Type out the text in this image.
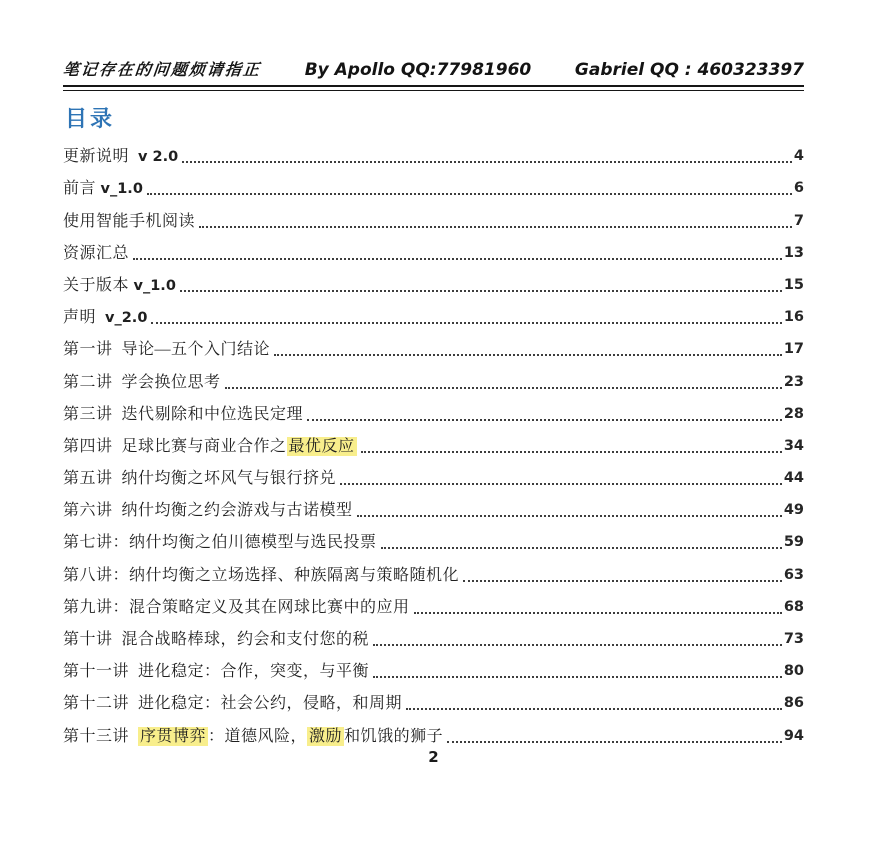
笔记存在的问题烦请指正	By Apollo QQ:77981960	Gabriel QQ : 460323397
目录
更新说明  v 2.0	4
前言 v_1.0	6
使用智能手机阅读	7
资源汇总	13
关于版本 v_1.0	15
声明  v_2.0	16
第一讲  导论—五个入门结论	17
第二讲  学会换位思考	23
第三讲  迭代剔除和中位选民定理	28
第四讲  足球比赛与商业合作之 最优反应	34
第五讲  纳什均衡之坏风气与银行挤兑	44
第六讲  纳什均衡之约会游戏与古诺模型	49
第七讲：纳什均衡之伯川德模型与选民投票	59
第八讲：纳什均衡之立场选择、种族隔离与策略随机化	63
第九讲：混合策略定义及其在网球比赛中的应用	68
第十讲  混合战略棒球，约会和支付您的税	73
第十一讲  进化稳定：合作，突变，与平衡	80
第十二讲  进化稳定：社会公约，侵略，和周期	86
第十三讲  序贯博弈 ：道德风险， 激励 和饥饿的狮子	94
2
